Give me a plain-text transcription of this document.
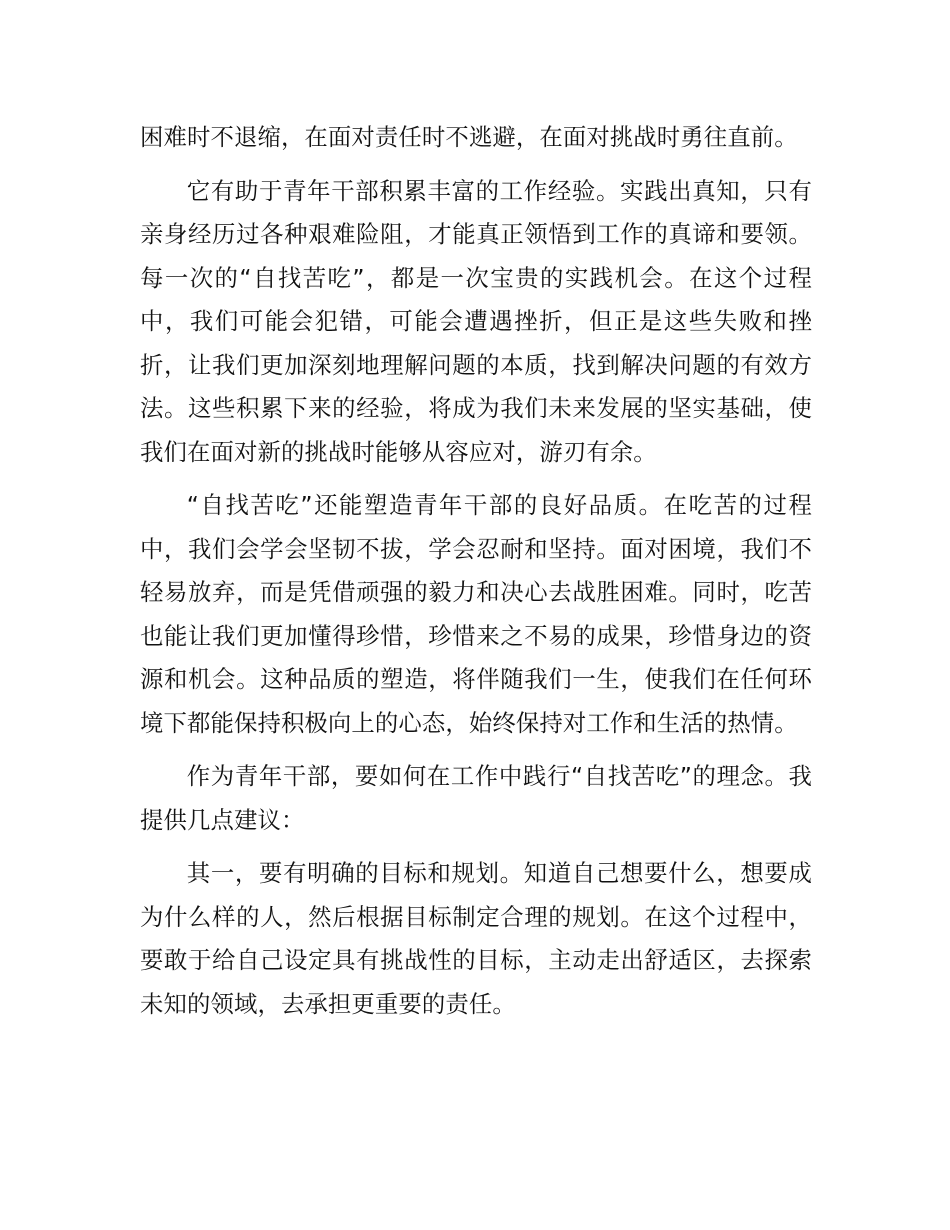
困难时不退缩，在面对责任时不逃避，在面对挑战时勇往直前。

它有助于青年干部积累丰富的工作经验。实践出真知，只有亲身经历过各种艰难险阻，才能真正领悟到工作的真谛和要领。每一次的“自找苦吃”，都是一次宝贵的实践机会。在这个过程中，我们可能会犯错，可能会遭遇挫折，但正是这些失败和挫折，让我们更加深刻地理解问题的本质，找到解决问题的有效方法。这些积累下来的经验，将成为我们未来发展的坚实基础，使我们在面对新的挑战时能够从容应对，游刃有余。

“自找苦吃”还能塑造青年干部的良好品质。在吃苦的过程中，我们会学会坚韧不拔，学会忍耐和坚持。面对困境，我们不轻易放弃，而是凭借顽强的毅力和决心去战胜困难。同时，吃苦也能让我们更加懂得珍惜，珍惜来之不易的成果，珍惜身边的资源和机会。这种品质的塑造，将伴随我们一生，使我们在任何环境下都能保持积极向上的心态，始终保持对工作和生活的热情。

作为青年干部，要如何在工作中践行“自找苦吃”的理念。我提供几点建议：

其一，要有明确的目标和规划。知道自己想要什么，想要成为什么样的人，然后根据目标制定合理的规划。在这个过程中，要敢于给自己设定具有挑战性的目标，主动走出舒适区，去探索未知的领域，去承担更重要的责任。
